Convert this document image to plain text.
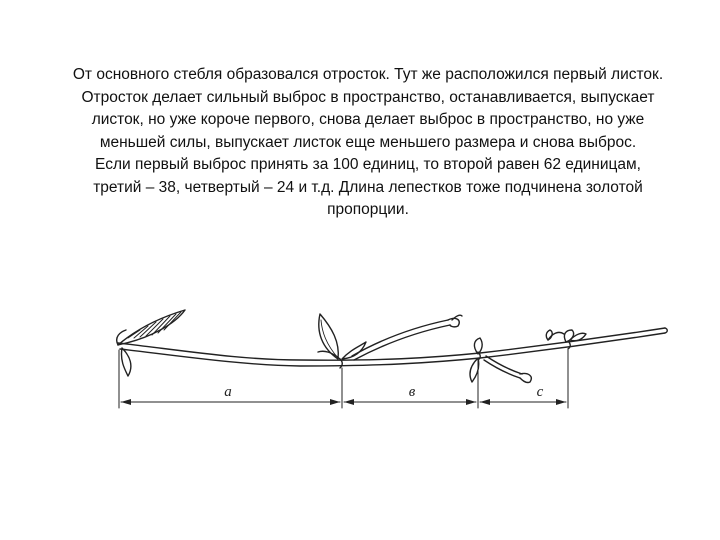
От основного стебля образовался отросток. Тут же расположился первый листок.
Отросток делает сильный выброс в пространство, останавливается, выпускает
листок, но уже короче первого, снова делает выброс в пространство, но уже
меньшей силы, выпускает листок еще меньшего размера и снова выброс.
Если первый выброс принять за 100 единиц, то второй равен 62 единицам,
третий – 38, четвертый – 24 и т.д. Длина лепестков тоже подчинена золотой
пропорции.
a	в	c
